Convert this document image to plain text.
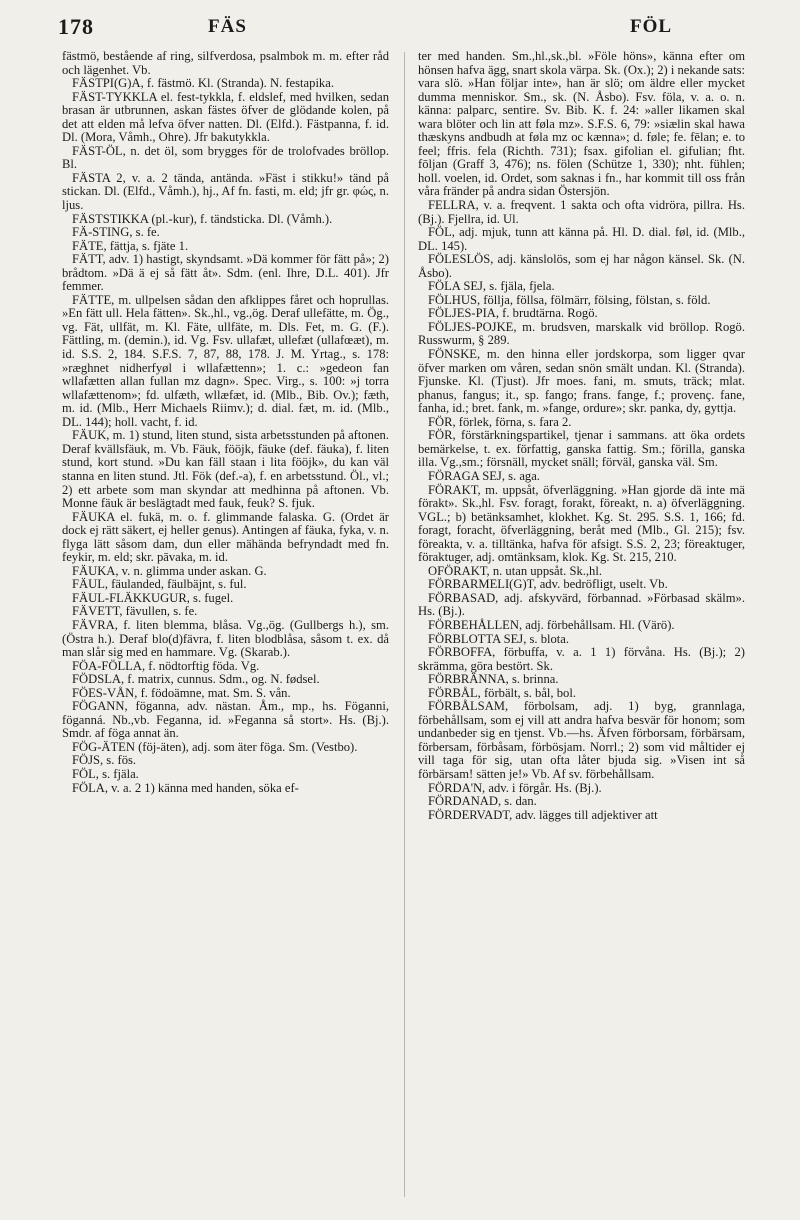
178	FÄS	FÖL

fästmö, bestående af ring, silfverdosa, psalmbok m. m. efter råd och lägenhet. Vb.

FÄSTPI(G)A, f. fästmö. Kl. (Stranda). N. festapika.

FÄST-TYKKLA el. fest-tykkla, f. eldslef, med hvilken, sedan brasan är utbrunnen, askan fästes öfver de glödande kolen, på det att elden må lefva öfver natten. Dl. (Elfd.). Fästpanna, f. id. Dl. (Mora, Våmh., Ohre). Jfr bakutykkla.

FÄST-ÖL, n. det öl, som brygges för de trolofvades bröllop. Bl.

FÄSTA 2, v. a. 2 tända, antända. »Fäst i stikku!» tänd på stickan. Dl. (Elfd., Våmh.), hj., Af fn. fasti, m. eld; jfr gr. φώς, n. ljus.

FÄSTSTIKKA (pl.-kur), f. tändsticka. Dl. (Våmh.).

FÄ-STING, s. fe.

FÄTE, fättja, s. fjäte 1.

FÄTT, adv. 1) hastigt, skyndsamt. »Dä kommer för fätt på»; 2) brådtom. »Dä ä ej så fätt åt». Sdm. (enl. Ihre, D.L. 401). Jfr femmer.

FÄTTE, m. ullpelsen sådan den afklippes fåret och hoprullas. »En fätt ull. Hela fätten». Sk.,hl., vg.,ög. Deraf ullefätte, m. Ög., vg. Fät, ullfät, m. Kl. Fäte, ullfäte, m. Dls. Fet, m. G. (F.). Fättling, m. (demin.), id. Vg. Fsv. ullafæt, ullefæt (ullafœæt), m. id. S.S. 2, 184. S.F.S. 7, 87, 88, 178. J. M. Yrtag., s. 178: »ræghnet nidherfyøl i wllafættenn»; 1. c.: »gedeon fan wllafætten allan fullan mz dagn». Spec. Virg., s. 100: »j torra wllafættenom»; fd. ulfæth, wllæfæt, id. (Mlb., Bib. Ov.); fæth, m. id. (Mlb., Herr Michaels Riimv.); d. dial. fæt, m. id. (Mlb., DL. 144); holl. vacht, f. id.

FÄUK, m. 1) stund, liten stund, sista arbetsstunden på aftonen. Deraf kvällsfäuk, m. Vb. Fäuk, fööjk, fäuke (def. fäuka), f. liten stund, kort stund. »Du kan fäll staan i lita fööjk», du kan väl stanna en liten stund. Jtl. Fök (def.-a), f. en arbetsstund. Öl., vl.; 2) ett arbete som man skyndar att medhinna på aftonen. Vb. Monne fäuk är beslägtadt med fauk, feuk? S. fjuk.

FÄUKA el. fukä, m. o. f. glimmande falaska. G. (Ordet är dock ej rätt säkert, ej heller genus). Antingen af fäuka, fyka, v. n. flyga lätt såsom dam, dun eller mähända befryndadt med fn. feykir, m. eld; skr. pāvaka, m. id.

FÄUKA, v. n. glimma under askan. G.

FÄUL, fäulanded, fäulbäjnt, s. ful.

FÄUL-FLÄKKUGUR, s. fugel.

FÄVETT, fävullen, s. fe.

FÄVRA, f. liten blemma, blåsa. Vg.,ög. (Gullbergs h.), sm. (Östra h.). Deraf blo(d)fävra, f. liten blodblåsa, såsom t. ex. då man slår sig med en hammare. Vg. (Skarab.).

FÖA-FÖLLA, f. nödtorftig föda. Vg.

FÖDSLA, f. matrix, cunnus. Sdm., og. N. fødsel.

FÖES-VÅN, f. födoämne, mat. Sm. S. vån.

FÖGANN, föganna, adv. nästan. Åm., mp., hs. Föganni, föganná. Nb.,vb. Feganna, id. »Feganna så stort». Hs. (Bj.). Smdr. af föga annat än.

FÖG-ÄTEN (föj-äten), adj. som äter föga. Sm. (Vestbo).

FÖJS, s. fös.

FÖL, s. fjäla.

FÖLA, v. a. 2 1) känna med handen, söka ef-

ter med handen. Sm.,hl.,sk.,bl. »Föle höns», känna efter om hönsen hafva ägg, snart skola värpa. Sk. (Ox.); 2) i nekande sats: vara slö. »Han följar inte», han är slö; om äldre eller mycket dumma menniskor. Sm., sk. (N. Åsbo). Fsv. föla, v. a. o. n. känna: palparc, sentire. Sv. Bib. K. f. 24: »aller likamen skal wara blöter och lin att føla mz». S.F.S. 6, 79: »siælin skal hawa thæskyns andbudh at føla mz oc kænna»; d. føle; fe. fēlan; e. to feel; ffris. fela (Richth. 731); fsax. gifolian el. gifulian; fht. fōljan (Graff 3, 476); ns. fölen (Schütze 1, 330); nht. fühlen; holl. voelen, id. Ordet, som saknas i fn., har kommit till oss från våra fränder på andra sidan Östersjön.

FELLRA, v. a. freqvent. 1 sakta och ofta vidröra, pillra. Hs. (Bj.). Fjellra, id. Ul.

FÖL, adj. mjuk, tunn att känna på. Hl. D. dial. føl, id. (Mlb., DL. 145).

FÖLESLÖS, adj. känslolös, som ej har någon känsel. Sk. (N. Åsbo).

FÖLA SEJ, s. fjäla, fjela.

FÖLHUS, föllja, föllsa, fölmärr, fölsing, fölstan, s. föld.

FÖLJES-PIA, f. brudtärna. Rogö.

FÖLJES-POJKE, m. brudsven, marskalk vid bröllop. Rogö. Russwurm, § 289.

FÖNSKE, m. den hinna eller jordskorpa, som ligger qvar öfver marken om våren, sedan snön smält undan. Kl. (Stranda). Fjunske. Kl. (Tjust). Jfr moes. fani, m. smuts, träck; mlat. phanus, fangus; it., sp. fango; frans. fange, f.; provenç. fane, fanha, id.; bret. fank, m. »fange, ordure»; skr. panka, dy, gyttja.

FÖR, förlek, förna, s. fara 2.

FÖR, förstärkningspartikel, tjenar i sammans. att öka ordets bemärkelse, t. ex. författig, ganska fattig. Sm.; förilla, ganska illa. Vg.,sm.; försnäll, mycket snäll; förväl, ganska väl. Sm.

FÖRAGA SEJ, s. aga.

FÖRAKT, m. uppsåt, öfverläggning. »Han gjorde dä inte mä förakt». Sk.,hl. Fsv. foragt, forakt, föreakt, n. a) öfverläggning. VGL.; b) betänksamhet, klokhet. Kg. St. 295. S.S. 1, 166; fd. foragt, foracht, öfverläggning, beråt med (Mlb., Gl. 215); fsv. föreakta, v. a. tilltänka, hafva för afsigt. S.S. 2, 23; föreaktuger, föraktuger, adj. omtänksam, klok. Kg. St. 215, 210.

OFÖRAKT, n. utan uppsåt. Sk.,hl.

FÖRBARMELI(G)T, adv. bedröfligt, uselt. Vb.

FÖRBASAD, adj. afskyvärd, förbannad. »Förbasad skälm». Hs. (Bj.).

FÖRBEHÅLLEN, adj. förbehållsam. Hl. (Värö).

FÖRBLOTTA SEJ, s. blota.

FÖRBOFFA, förbuffa, v. a. 1 1) förvåna. Hs. (Bj.); 2) skrämma, göra bestört. Sk.

FÖRBRÄNNA, s. brinna.

FÖRBÅL, förbält, s. bål, bol.

FÖRBÅLSAM, förbolsam, adj. 1) byg, grannlaga, förbehållsam, som ej vill att andra hafva besvär för honom; som undanbeder sig en tjenst. Vb.—hs. Äfven förborsam, förbärsam, förbersam, förbåsam, förbösjam. Norrl.; 2) som vid måltider ej vill taga för sig, utan ofta låter bjuda sig. »Visen int så förbärsam! sätten je!» Vb. Af sv. förbehållsam.

FÖRDA'N, adv. i förgår. Hs. (Bj.).

FÖRDANAD, s. dan.

FÖRDERVADT, adv. lägges till adjektiver att
